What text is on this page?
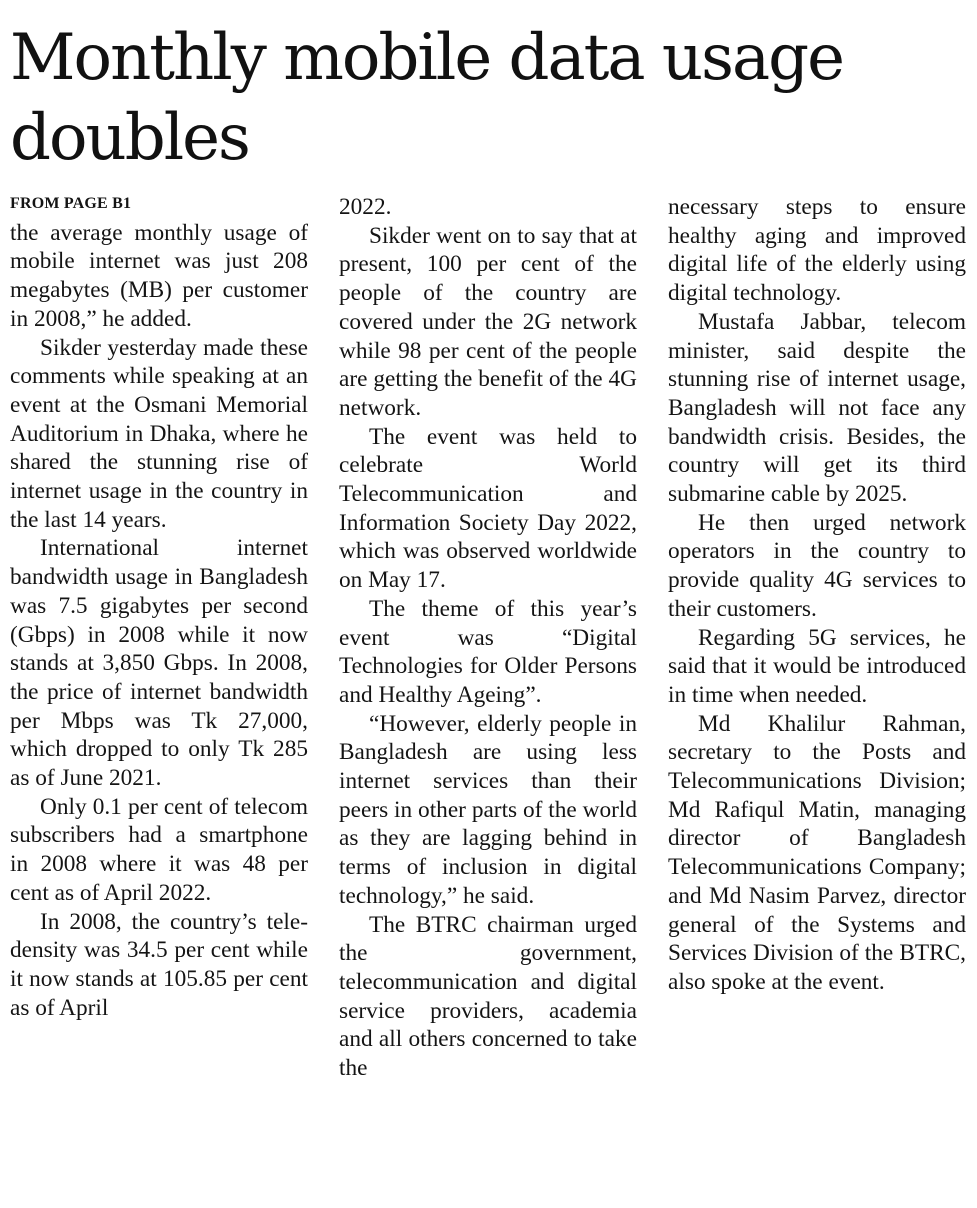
Monthly mobile data usage doubles
FROM PAGE B1

the average monthly usage of mobile internet was just 208 megabytes (MB) per customer in 2008,” he added.

Sikder yesterday made these comments while speaking at an event at the Osmani Memorial Auditorium in Dhaka, where he shared the stunning rise of internet usage in the country in the last 14 years.

International internet bandwidth usage in Bangladesh was 7.5 gigabytes per second (Gbps) in 2008 while it now stands at 3,850 Gbps. In 2008, the price of internet bandwidth per Mbps was Tk 27,000, which dropped to only Tk 285 as of June 2021.

Only 0.1 per cent of telecom subscribers had a smartphone in 2008 where it was 48 per cent as of April 2022.

In 2008, the country’s tele-density was 34.5 per cent while it now stands at 105.85 per cent as of April

2022.

Sikder went on to say that at present, 100 per cent of the people of the country are covered under the 2G network while 98 per cent of the people are getting the benefit of the 4G network.

The event was held to celebrate World Telecommunication and Information Society Day 2022, which was observed worldwide on May 17.

The theme of this year’s event was “Digital Technologies for Older Persons and Healthy Ageing”.

“However, elderly people in Bangladesh are using less internet services than their peers in other parts of the world as they are lagging behind in terms of inclusion in digital technology,” he said.

The BTRC chairman urged the government, telecommunication and digital service providers, academia and all others concerned to take the

necessary steps to ensure healthy aging and improved digital life of the elderly using digital technology.

Mustafa Jabbar, telecom minister, said despite the stunning rise of internet usage, Bangladesh will not face any bandwidth crisis. Besides, the country will get its third submarine cable by 2025.

He then urged network operators in the country to provide quality 4G services to their customers.

Regarding 5G services, he said that it would be introduced in time when needed.

Md Khalilur Rahman, secretary to the Posts and Telecommunications Division; Md Rafiqul Matin, managing director of Bangladesh Telecommunications Company; and Md Nasim Parvez, director general of the Systems and Services Division of the BTRC, also spoke at the event.
